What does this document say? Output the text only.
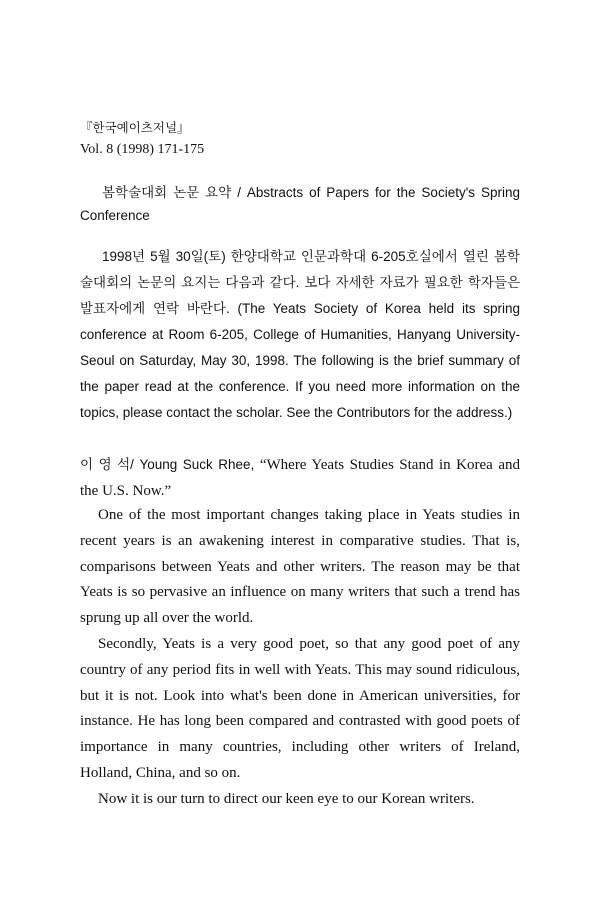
『한국예이츠저널』
Vol. 8 (1998) 171-175
봄학술대회 논문 요약 / Abstracts of Papers for the Society's Spring Conference
1998년 5월 30일(토) 한양대학교 인문과학대 6-205호실에서 열린 봄학술대회의 논문의 요지는 다음과 같다. 보다 자세한 자료가 필요한 학자들은 발표자에게 연락 바란다. (The Yeats Society of Korea held its spring conference at Room 6-205, College of Humanities, Hanyang University-Seoul on Saturday, May 30, 1998. The following is the brief summary of the paper read at the conference. If you need more information on the topics, please contact the scholar. See the Contributors for the address.)
이 영 석/ Young Suck Rhee, “Where Yeats Studies Stand in Korea and the U.S. Now.”

One of the most important changes taking place in Yeats studies in recent years is an awakening interest in comparative studies. That is, comparisons between Yeats and other writers. The reason may be that Yeats is so pervasive an influence on many writers that such a trend has sprung up all over the world.

Secondly, Yeats is a very good poet, so that any good poet of any country of any period fits in well with Yeats. This may sound ridiculous, but it is not. Look into what's been done in American universities, for instance. He has long been compared and contrasted with good poets of importance in many countries, including other writers of Ireland, Holland, China, and so on.

Now it is our turn to direct our keen eye to our Korean writers.
